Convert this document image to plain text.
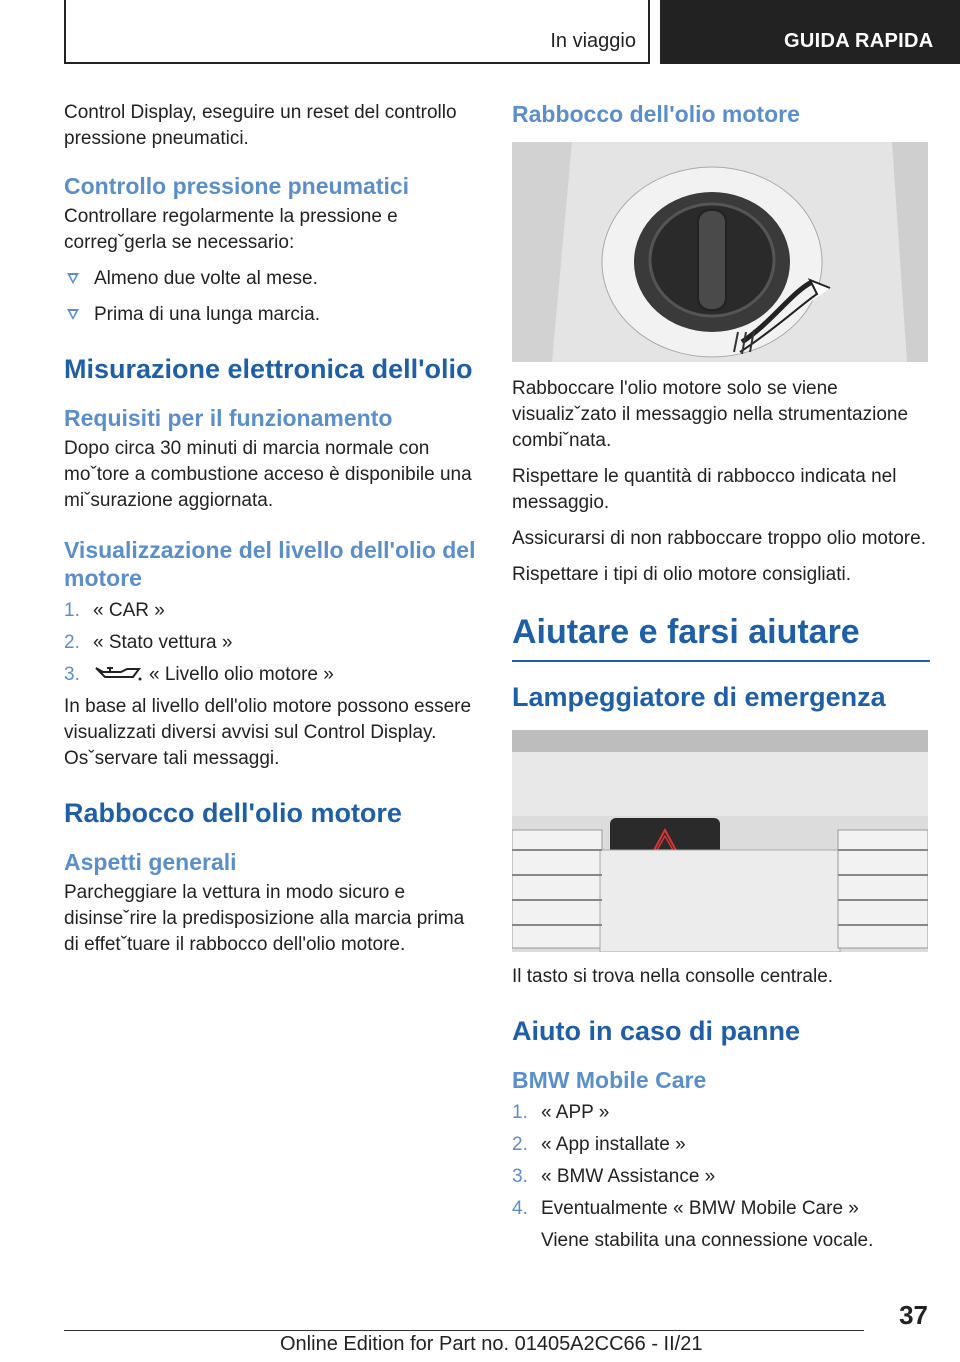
In viaggio	GUIDA RAPIDA

Control Display, eseguire un reset del controllo pressione pneumatici.

Controllo pressione pneumatici

Controllare regolarmente la pressione e corregˇgerla se necessario:

Almeno due volte al mese.
Prima di una lunga marcia.
Misurazione elettronica dell'olio
Requisiti per il funzionamento

Dopo circa 30 minuti di marcia normale con moˇtore a combustione acceso è disponibile una miˇsurazione aggiornata.

Visualizzazione del livello dell'olio del motore
1. « CAR »
2. « Stato vettura »
3.	« Livello olio motore »

In base al livello dell'olio motore possono essere visualizzati diversi avvisi sul Control Display. Osˇservare tali messaggi.

Rabbocco dell'olio motore
Aspetti generali

Parcheggiare la vettura in modo sicuro e disinseˇrire la predisposizione alla marcia prima di effetˇtuare il rabbocco dell'olio motore.

Rabbocco dell'olio motore

Rabboccare l'olio motore solo se viene visualizˇzato il messaggio nella strumentazione combiˇnata.

Rispettare le quantità di rabbocco indicata nel messaggio.

Assicurarsi di non rabboccare troppo olio motore.

Rispettare i tipi di olio motore consigliati.

Aiutare e farsi aiutare
Lampeggiatore di emergenza

Il tasto si trova nella consolle centrale.

Aiuto in caso di panne
BMW Mobile Care
1. « APP »
2. « App installate »
3. « BMW Assistance »
4. Eventualmente « BMW Mobile Care »
Viene stabilita una connessione vocale.
37
Online Edition for Part no. 01405A2CC66 - II/21
